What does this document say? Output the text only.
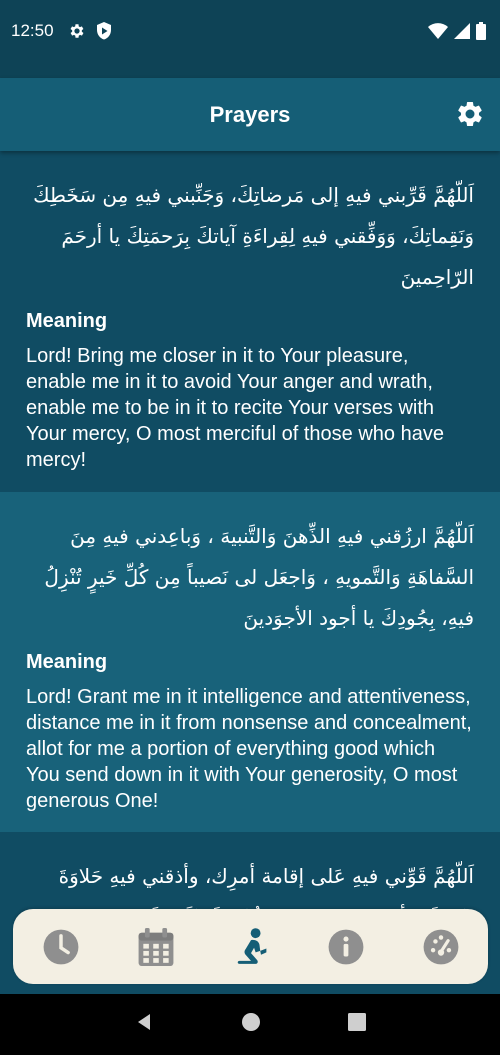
12:50
Prayers
اَللّهُمَّ قَرِّبني فيهِ إلى مَرضاتِكَ، وَجَنِّبني فيهِ مِن سَخَطِكَ وَنَقِماتِكَ، وَوَفِّقني فيهِ لِقِراءَةِ آياتكَ بِرَحمَتِكَ يا أرحَمَ الرّاحِمينَ
Meaning
Lord! Bring me closer in it to Your pleasure, enable me in it to avoid Your anger and wrath, enable me to be in it to recite Your verses with Your mercy, O most merciful of those who have mercy!
اَللّهُمَّ ارزُقني فيهِ الذِّهنَ وَالتَّنبيهَ ، وَباعِدني فيهِ مِنَ السَّفاهَةِ وَالتَّمويهِ ، وَاجعَل لى نَصيباً مِن كُلِّ خَيرٍ تُنْزِلُ فيهِ، بِجُودِكَ يا أجود الأجوَدينَ
Meaning
Lord! Grant me in it intelligence and attentiveness, distance me in it from nonsense and concealment, allot for me a portion of everything good which You send down in it with Your generosity, O most generous One!
اَللّهُمَّ قَوِّني فيهِ عَلى إقامة أمرِك، وأذقني فيهِ حَلاوَةَ
